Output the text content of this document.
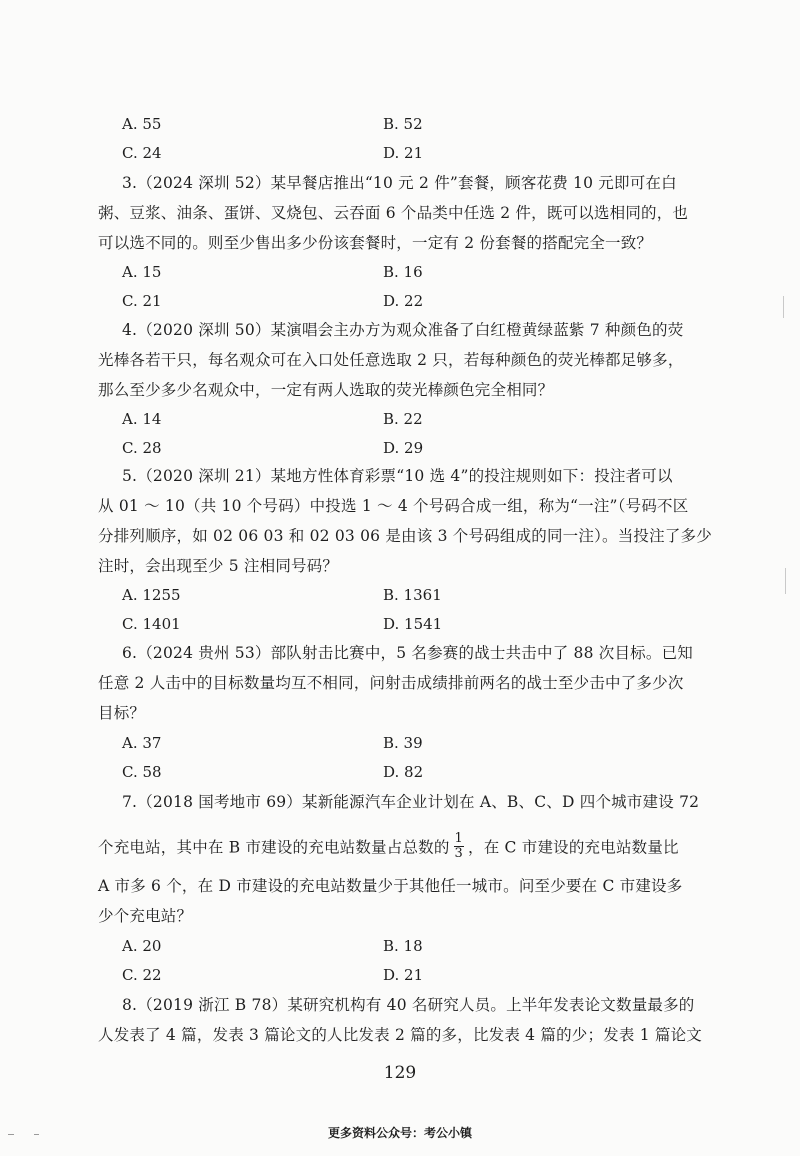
A. 55	B. 52
C. 24	D. 21
3.（2024 深圳 52）某早餐店推出“10 元 2 件”套餐，顾客花费 10 元即可在白
粥、豆浆、油条、蛋饼、叉烧包、云吞面 6 个品类中任选 2 件，既可以选相同的，也
可以选不同的。则至少售出多少份该套餐时，一定有 2 份套餐的搭配完全一致？
A. 15	B. 16
C. 21	D. 22
4.（2020 深圳 50）某演唱会主办方为观众准备了白红橙黄绿蓝紫 7 种颜色的荧
光棒各若干只，每名观众可在入口处任意选取 2 只，若每种颜色的荧光棒都足够多，
那么至少多少名观众中，一定有两人选取的荧光棒颜色完全相同？
A. 14	B. 22
C. 28	D. 29
5.（2020 深圳 21）某地方性体育彩票“10 选 4”的投注规则如下：投注者可以
从 01 ～ 10（共 10 个号码）中投选 1 ～ 4 个号码合成一组，称为“一注”（号码不区
分排列顺序，如 02 06 03 和 02 03 06 是由该 3 个号码组成的同一注）。当投注了多少
注时，会出现至少 5 注相同号码？
A. 1255	B. 1361
C. 1401	D. 1541
6.（2024 贵州 53）部队射击比赛中，5 名参赛的战士共击中了 88 次目标。已知
任意 2 人击中的目标数量均互不相同，问射击成绩排前两名的战士至少击中了多少次
目标？
A. 37	B. 39
C. 58	D. 82
7.（2018 国考地市 69）某新能源汽车企业计划在 A、B、C、D 四个城市建设 72
个充电站，其中在 B 市建设的充电站数量占总数的 $\frac{1}{3}$ ，在 C 市建设的充电站数量比
A 市多 6 个，在 D 市建设的充电站数量少于其他任一城市。问至少要在 C 市建设多
少个充电站？
A. 20	B. 18
C. 22	D. 21
8.（2019 浙江 B 78）某研究机构有 40 名研究人员。上半年发表论文数量最多的
人发表了 4 篇，发表 3 篇论文的人比发表 2 篇的多，比发表 4 篇的少；发表 1 篇论文
129
更多资料公众号：考公小镇
